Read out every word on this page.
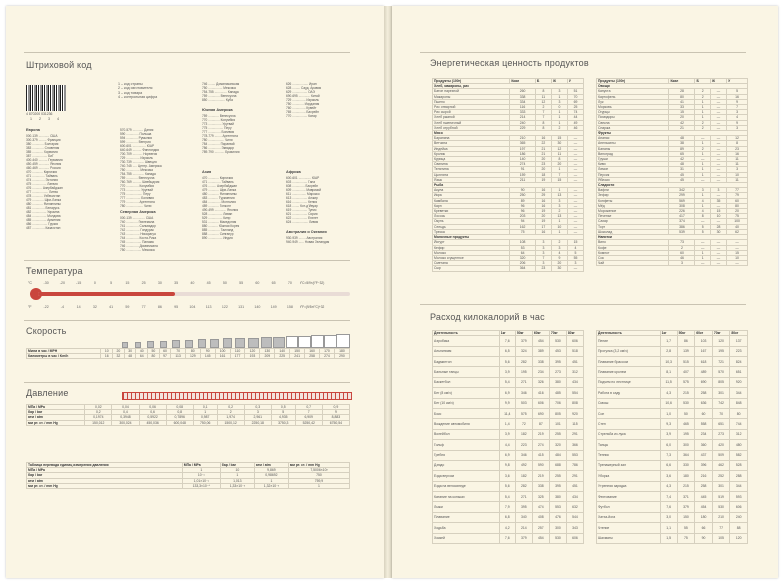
Штриховой код
4 870200 031236
1 2 3 4
1 – код страны
2 – код изготовителя
3 – код товара
4 – контрольная цифра
Европа
000-139 ............ США
300-379 ......... Франция
380 ............. Болгария
383 ............. Словения
385 ............ Хорватия
387 ................. БиГ
400-440 .......... Германия
450-459 ............ Япония
460-469 ............ Россия
470 ............ Киргизия
471 .............. Тайвань
474 .............. Эстония
475 ................ Латвия
476 ........... Азербайджан
477 .................. Литва
478 ............ Узбекистан
479 ............. Шри-Ланка
480 ............ Филиппины
481 .............. Беларусь
482 ................ Украина
484 ................ Молдова
485 ................ Армения
486 ................. Грузия
487 .............. Казахстан
570-579 ............ Дания
590 .............. Польша
594 ............. Румыния
599 ............. Венгрия
600-601 ............... ЮАР
640-649 .......... Финляндия
700-709 ........... Норвегия
729 ............... Израиль
730-739 ............. Швеция
740-745 ..... Центр. Америка
750 ............... Мексика
754-755 ............. Канада
759 ............. Венесуэла
760-769 .......... Швейцария
770 .............. Колумбия
773 ................ Уругвай
775 .................. Перу
777 ................ Боливия
779 .............. Аргентина
780 ................... Чили
Северная Америка
000-139 .............. США
740 ............. Гватемала
741 .............. Сальвадор
742 ............... Гондурас
743 ............... Никарагуа
744 .............. Коста-Рика
745 ................. Панама
746 .............. Доминикана
750 ................. Мексика
746 ........ Доминиканская
750 ................ Мексика
754-755 .............. Канада
759 ............. Венесуэла
850 ................... Куба
Южная Америка
759 ............ Венесуэла
770 ............. Колумбия
773 ............... Уругвай
775 ................. Перу
777 .............. Боливия
778-779 ........ Аргентина
780 .................. Чили
784 ............. Парагвай
786 .............. Эквадор
789-790 ........... Бразилия
Азия
470 ............ Киргизия
471 .............. Тайвань
476 ......... Азербайджан
479 ............ Шри-Ланка
480 ............ Филиппины
483 ........... Туркмения
484 .............. Монголия
489 ............ Гонконг
490-499 ............. Япония
528 ................ Ливан
529 ................ Кипр
531 ............ Македония
880 ........... Южная Корея
885 ............. Таиланд
888 ............ Сингапур
890 ................ Индия
626 .................. Иран
628 ......... Сауд. Аравия
629 ................. ОАЭ
690-695 ............. Китай
729 ............... Израиль
750 ............. Иордания
760 ............... Кувейт
765 ............... Бахрейн
770 ................. Катар
Африка
600-601 .............. ЮАР
603 ................. Гана
608 .............. Бахрейн
609 ............... Маврикий
611 ................ Марокко
613 ................. Алжир
616 ................. Кения
618 ........ Кот-д'Ивуар
619 ................. Тунис
621 ................. Сирия
622 ................. Египет
624 .................. Ливия
Австралия и Океания
930-939 ........ Австралия
940-949 ...... Новая Зеландия
Температура
°C	-30	-20	-15	0	5	15	25	30	35	40	45	50	55	60	65	70	t°C=5/9×(t°F−32)
°F	-22	-4	14	32	41	59	77	86	95	104	113	122	131	140	149	158	t°F=(9/5×t°C)+32
Скорость
Мили в час / MPH	10	20	30	40	50	60	70	80	90	100	110	120	130	140	150	160	170	180
Километры в час / Km/h	16	32	48	64	80	97	113	129	145	161	177	193	209	225	241	258	274	290
Давление
МПа / MPa	0,02	0,04	0,06	0,08	0,1	0,2	0,3	0,5	0,7	0,9
бар / bar	0,2	0,4	0,6	0,8	1	2	3	5	7	9
атм / atm	0,1974	0,3948	0,5922	0,7896	0,987	1,974	2,961	4,935	6,909	8,883
мм рт. ст. / mm Hg	150,012	300,024	450,036	600,048	750,06	1500,12	2250,18	3750,3	5250,42	6750,54
Таблица перевода единиц измерения давления	МПа / MPa	бар / bar	атм / atm	мм рт. ст. / mm Hg
МПа / MPa	1	10	9,869	7,5006×10³
бар / bar	10⁻¹	1	0,98692	750
атм / atm	1,01×10⁻¹	1,013	1	759,9
мм рт. ст. / mm Hg	133,3×10⁻⁶	1,33×10⁻³	1,32×10⁻³	1
Энергетическая ценность продуктов
Продукты (100г)	Ккал	Б	Ж	У
Хлеб, макароны, рис				
Батон нарезной	260	8	3	51
Макароны	338	11	1	70
Пшено	334	12	3	69
Рис отварной	116	2	0	25
Рис сырой	333	7	1	74
Хлеб ржаной	214	7	1	44
Хлеб пшеничный	240	8	1	49
Хлеб отрубной	229	8	2	46
Мясо				
Баранина	210	16	15	—
Ветчина	365	22	30	—
Индейка	197	21	12	—
Кролик	186	21	11	—
Курица	140	20	8	—
Свинина	274	23	20	—
Телятина	91	20	1	—
Цыплята	159	18	7	—
Язык	211	19	15	—
Рыба				
Акула	90	16	1	—
Икра	250	29	13	—
Камбала	89	16	3	—
Карп	96	16	3	—
Креветки	96	19	2	—
Лосось	203	20	13	—
Окунь	94	19	1	—
Сельдь	162	17	10	—
Треска	75	16	1	—
Молочные продукты				
Йогурт	108	3	2	15
Кефир	53	3	3	4
Молоко	64	3	4	5
Молоко сгущенное	320	7	9	55
Сметана	206	3	20	3
Сыр	364	23	30	—
Продукты (100г)	Ккал	Б	Ж	У
Овощи				
Капуста	28	2	—	5
Картофель	80	2	—	16
Лук	41	1	—	9
Морковь	33	1	—	7
Огурцы	15	1	—	3
Помидоры	20	1	—	4
Свекла	42	2	—	9
Спаржа	21	2	—	3
Фрукты				
Ананас	48	—	—	12
Апельсины	38	1	—	8
Бананы	89	2	—	23
Виноград	65	1	—	16
Груши	42	—	—	11
Киви	48	1	—	11
Лимон	31	1	—	3
Персик	45	1	—	10
Яблоки	45	—	—	11
Сладости				
Вафли	342	3	3	77
Зефир	299	1	—	79
Конфеты	569	4	35	60
Мёд	308	1	—	80
Мороженое	226	4	15	20
Печенье	417	8	10	75
Сахар	374	—	—	100
Торт	386	5	28	40
Шоколад	539	5	30	62
Напитки				
Вино	73	—	—	—
Кофе	2	—	—	—
Компот	60	1	—	15
Сок	46	1	—	10
Чай	3	—	—	—
Расход килокалорий в час
Деятельность	1кг	50кг	60кг	70кг	80кг
Аэробика	7,6	379	454	530	606
Альпинизм	6,5	324	389	453	518
Бадминтон	5,6	282	338	395	451
Бальные танцы	3,9	195	234	273	312
Баскетбол	5,4	271	326	380	434
Бег (8 км/ч)	6,9	346	416	485	554
Бег (10 км/ч)	9,9	503	606	706	808
Бокс	11,4	575	690	805	920
Вождение автомобиля	1,4	72	87	101	115
Волейбол	3,9	182	219	255	291
Гольф	4,4	223	274	320	366
Гребля	6,9	346	415	484	553
Дзюдо	9,8	492	590	688	786
Езда верхом	3,6	182	219	255	291
Езда на велосипеде	5,6	282	338	395	451
Катание на коньках	5,4	271	325	380	434
Лыжи	7,9	395	474	553	632
Плавание	6,8	340	408	476	544
Ходьба	4,2	214	257	300	343
Хоккей	7,6	379	454	530	606
Деятельность	1кг	50кг	60кг	70кг	80кг
Пение	1,7	86	103	120	137
Прогулка (3,2 км/ч)	2,8	139	167	195	223
Плавание брассом	10,3	515	618	721	824
Плавание кролем	8,1	407	489	570	651
Подъем по лестнице	11,5	575	690	805	920
Работа в саду	4,3	215	258	301	344
Сквош	10,6	530	636	742	848
Сон	1,0	50	60	70	80
Степ	9,3	465	558	651	744
Стрельба из лука	3,9	195	234	273	312
Танцы	6,0	300	360	420	480
Теннис	7,3	364	437	509	582
Тренажерный зал	6,6	330	396	462	528
Уборка	3,6	180	216	252	288
Утренняя зарядка	4,3	215	258	301	344
Фехтование	7,4	371	445	519	593
Футбол	7,6	379	454	530	606
Хатха-йога	3,0	150	180	210	240
Чтение	1,1	55	66	77	88
Шахматы	1,5	75	90	105	120
